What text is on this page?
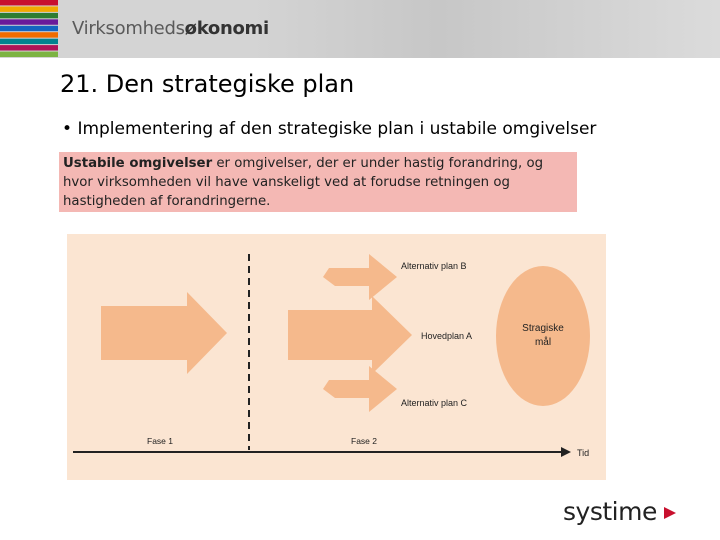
Virksomhedsøkonomi
21. Den strategiske plan
• Implementering af den strategiske plan i ustabile omgivelser
Ustabile omgivelser er omgivelser, der er under hastig forandring, og hvor virksomheden vil have vanskeligt ved at forudse retningen og hastigheden af forandringerne.
Alternativ plan B
Hovedplan A
Alternativ plan C
Stragiske
mål
Fase 1	Fase 2
Tid
systime
